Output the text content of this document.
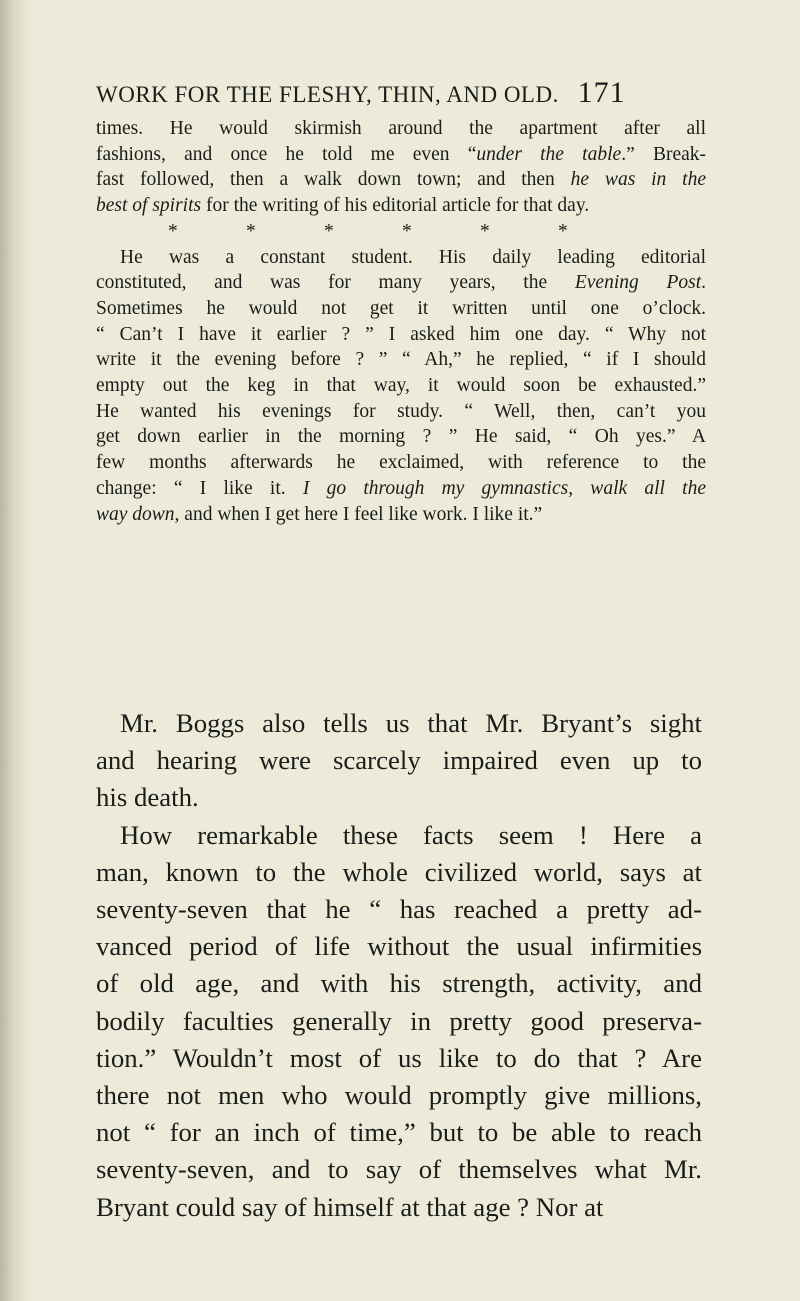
WORK FOR THE FLESHY, THIN, AND OLD. 171
times. He would skirmish around the apartment after all
fashions, and once he told me even “under the table.” Break-
fast followed, then a walk down town; and then he was in the
best of spirits for the writing of his editorial article for that day.
*	*	*	*	*	*
He was a constant student. His daily leading editorial
constituted, and was for many years, the Evening Post.
Sometimes he would not get it written until one o’clock.
“ Can’t I have it earlier ? ” I asked him one day. “ Why not
write it the evening before ? ” “ Ah,” he replied, “ if I should
empty out the keg in that way, it would soon be exhausted.”
He wanted his evenings for study. “ Well, then, can’t you
get down earlier in the morning ? ” He said, “ Oh yes.” A
few months afterwards he exclaimed, with reference to the
change: “ I like it. I go through my gymnastics, walk all the
way down, and when I get here I feel like work. I like it.”
Mr. Boggs also tells us that Mr. Bryant’s sight
and hearing were scarcely impaired even up to
his death.
How remarkable these facts seem ! Here a
man, known to the whole civilized world, says at
seventy-seven that he “ has reached a pretty ad-
vanced period of life without the usual infirmities
of old age, and with his strength, activity, and
bodily faculties generally in pretty good preserva-
tion.” Wouldn’t most of us like to do that ? Are
there not men who would promptly give millions,
not “ for an inch of time,” but to be able to reach
seventy-seven, and to say of themselves what Mr.
Bryant could say of himself at that age ? Nor at
